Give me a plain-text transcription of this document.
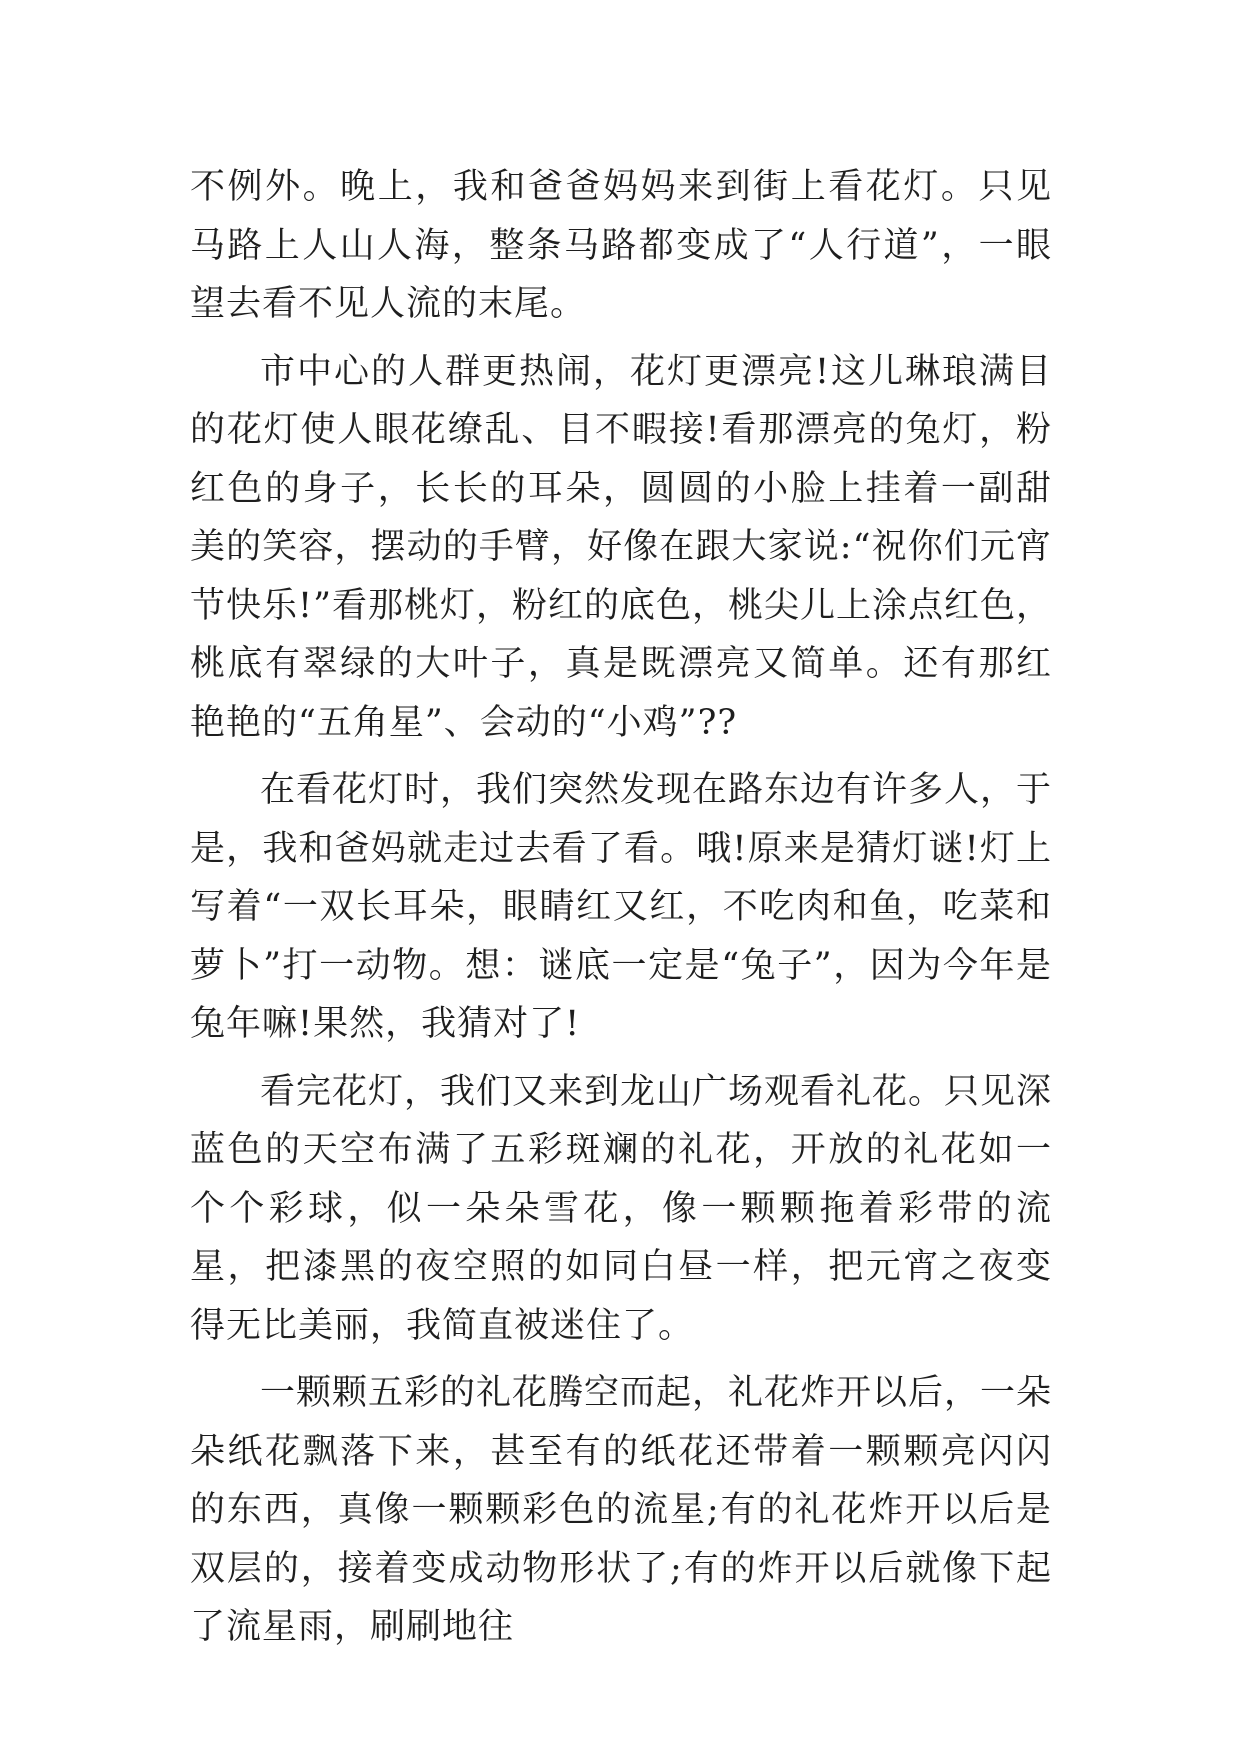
不例外。晚上，我和爸爸妈妈来到街上看花灯。只见马路上人山人海，整条马路都变成了“人行道”，一眼望去看不见人流的末尾。

市中心的人群更热闹，花灯更漂亮!这儿琳琅满目的花灯使人眼花缭乱、目不暇接!看那漂亮的兔灯，粉红色的身子，长长的耳朵，圆圆的小脸上挂着一副甜美的笑容，摆动的手臂，好像在跟大家说:“祝你们元宵节快乐!”看那桃灯，粉红的底色，桃尖儿上涂点红色，桃底有翠绿的大叶子，真是既漂亮又简单。还有那红艳艳的“五角星”、会动的“小鸡”??

在看花灯时，我们突然发现在路东边有许多人，于是，我和爸妈就走过去看了看。哦!原来是猜灯谜!灯上写着“一双长耳朵，眼睛红又红，不吃肉和鱼，吃菜和萝卜”打一动物。想：谜底一定是“兔子”，因为今年是兔年嘛!果然，我猜对了!

看完花灯，我们又来到龙山广场观看礼花。只见深蓝色的天空布满了五彩斑斓的礼花，开放的礼花如一个个彩球，似一朵朵雪花，像一颗颗拖着彩带的流星，把漆黑的夜空照的如同白昼一样，把元宵之夜变得无比美丽，我简直被迷住了。

一颗颗五彩的礼花腾空而起，礼花炸开以后，一朵朵纸花飘落下来，甚至有的纸花还带着一颗颗亮闪闪的东西，真像一颗颗彩色的流星;有的礼花炸开以后是双层的，接着变成动物形状了;有的炸开以后就像下起了流星雨，刷刷地往
